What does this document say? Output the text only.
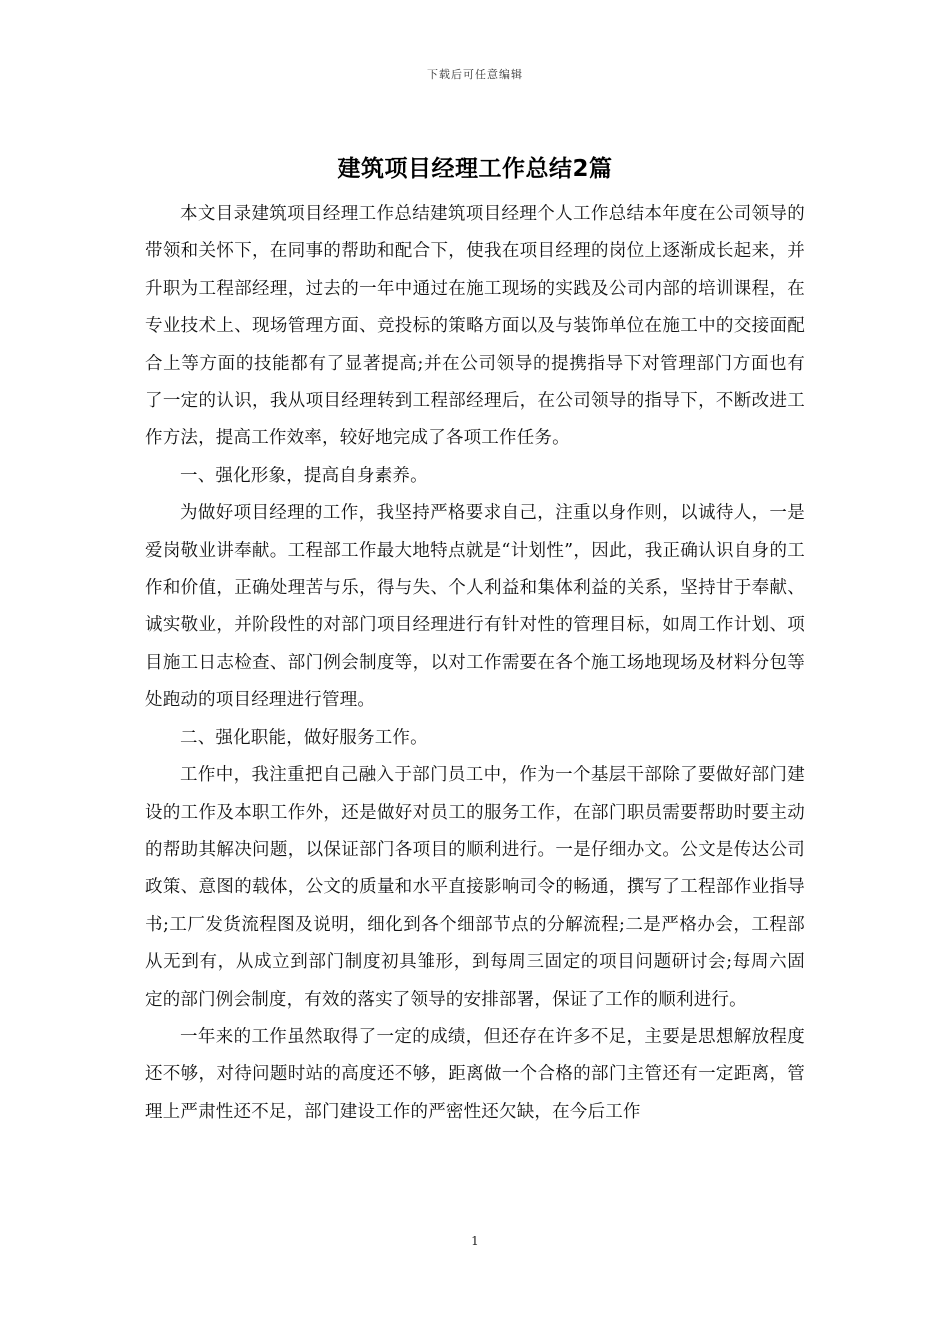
下载后可任意编辑
建筑项目经理工作总结2篇

本文目录建筑项目经理工作总结建筑项目经理个人工作总结本年度在公司领导的带领和关怀下，在同事的帮助和配合下，使我在项目经理的岗位上逐渐成长起来，并升职为工程部经理，过去的一年中通过在施工现场的实践及公司内部的培训课程，在专业技术上、现场管理方面、竞投标的策略方面以及与装饰单位在施工中的交接面配合上等方面的技能都有了显著提高;并在公司领导的提携指导下对管理部门方面也有了一定的认识，我从项目经理转到工程部经理后，在公司领导的指导下，不断改进工作方法，提高工作效率，较好地完成了各项工作任务。

一、强化形象，提高自身素养。

为做好项目经理的工作，我坚持严格要求自己，注重以身作则，以诚待人，一是爱岗敬业讲奉献。工程部工作最大地特点就是“计划性”，因此，我正确认识自身的工作和价值，正确处理苦与乐，得与失、个人利益和集体利益的关系，坚持甘于奉献、诚实敬业，并阶段性的对部门项目经理进行有针对性的管理目标，如周工作计划、项目施工日志检查、部门例会制度等，以对工作需要在各个施工场地现场及材料分包等处跑动的项目经理进行管理。

二、强化职能，做好服务工作。

工作中，我注重把自己融入于部门员工中，作为一个基层干部除了要做好部门建设的工作及本职工作外，还是做好对员工的服务工作，在部门职员需要帮助时要主动的帮助其解决问题，以保证部门各项目的顺利进行。一是仔细办文。公文是传达公司政策、意图的载体，公文的质量和水平直接影响司令的畅通，撰写了工程部作业指导书;工厂发货流程图及说明，细化到各个细部节点的分解流程;二是严格办会，工程部从无到有，从成立到部门制度初具雏形，到每周三固定的项目问题研讨会;每周六固定的部门例会制度，有效的落实了领导的安排部署，保证了工作的顺利进行。

一年来的工作虽然取得了一定的成绩，但还存在许多不足，主要是思想解放程度还不够，对待问题时站的高度还不够，距离做一个合格的部门主管还有一定距离，管理上严肃性还不足，部门建设工作的严密性还欠缺，在今后工作

1
